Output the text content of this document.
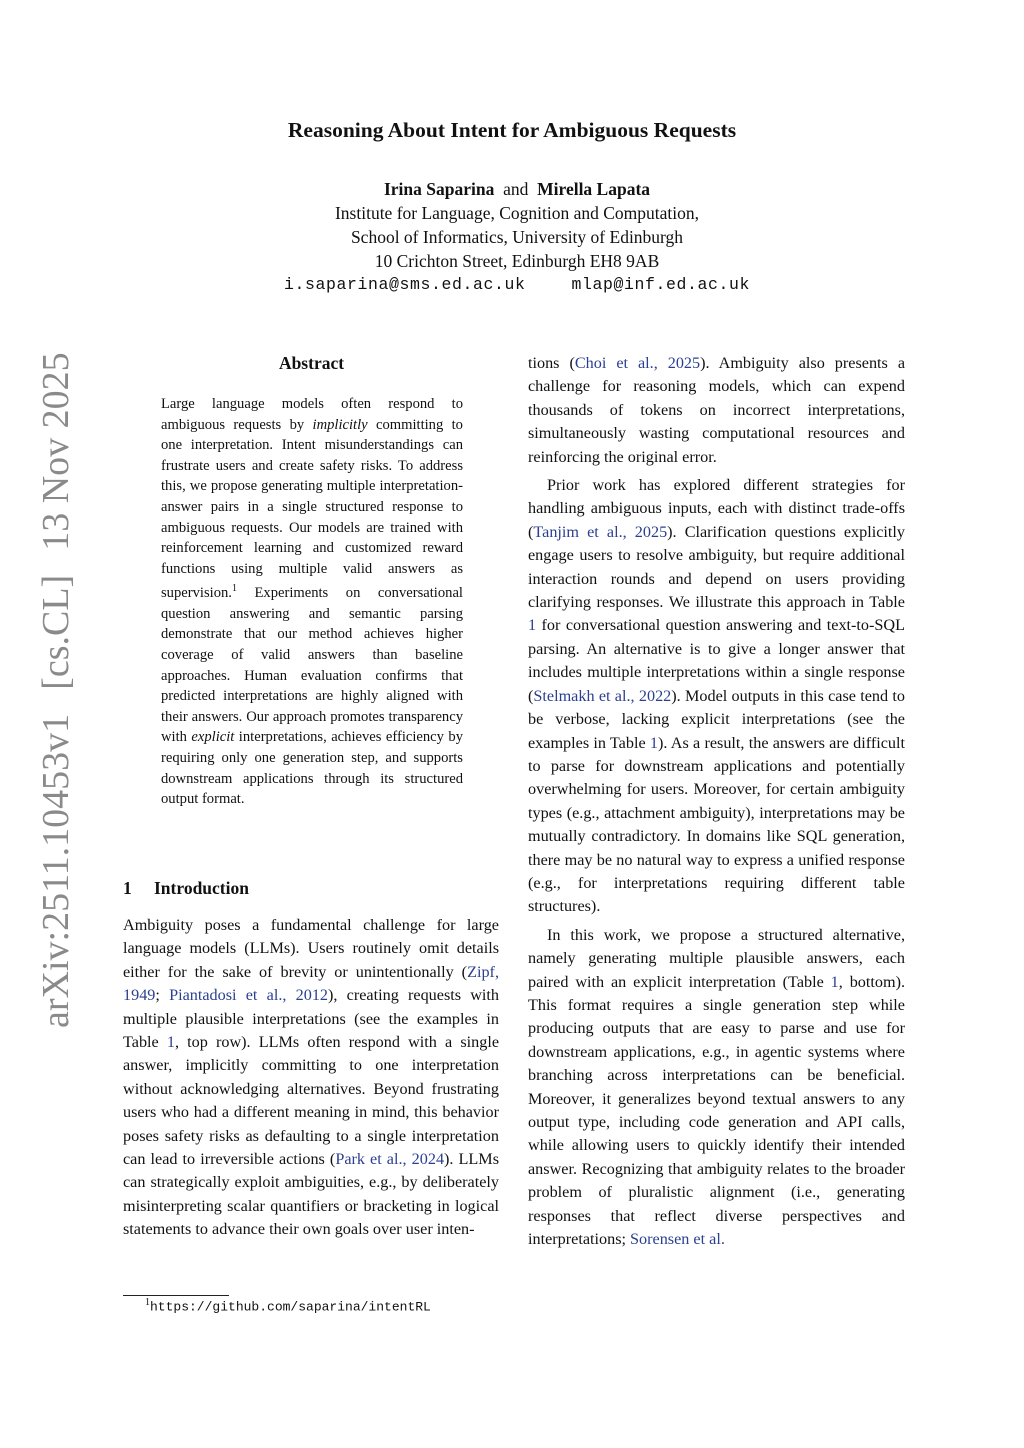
Reasoning About Intent for Ambiguous Requests
Irina Saparina and Mirella Lapata
Institute for Language, Cognition and Computation,
School of Informatics, University of Edinburgh
10 Crichton Street, Edinburgh EH8 9AB
i.saparina@sms.ed.ac.uk	mlap@inf.ed.ac.uk
arXiv:2511.10453v1[cs.CL]13 Nov 2025	Abstract
Large language models often respond to ambiguous requests by implicitly committing to one interpretation. Intent misunderstandings can frustrate users and create safety risks. To address this, we propose generating multiple interpretation-answer pairs in a single structured response to ambiguous requests. Our models are trained with reinforcement learning and customized reward functions using multiple valid answers as supervision.$^1$ Experiments on conversational question answering and semantic parsing demonstrate that our method achieves higher coverage of valid answers than baseline approaches. Human evaluation confirms that predicted interpretations are highly aligned with their answers. Our approach promotes transparency with explicit interpretations, achieves efficiency by requiring only one generation step, and supports downstream applications through its structured output format.
1 Introduction

Ambiguity poses a fundamental challenge for large language models (LLMs). Users routinely omit details either for the sake of brevity or unintentionally (Zipf, 1949; Piantadosi et al., 2012), creating requests with multiple plausible interpretations (see the examples in Table 1, top row). LLMs often respond with a single answer, implicitly committing to one interpretation without acknowledging alternatives. Beyond frustrating users who had a different meaning in mind, this behavior poses safety risks as defaulting to a single interpretation can lead to irreversible actions (Park et al., 2024). LLMs can strategically exploit ambiguities, e.g., by deliberately misinterpreting scalar quantifiers or bracketing in logical statements to advance their own goals over user inten-

tions (Choi et al., 2025). Ambiguity also presents a challenge for reasoning models, which can expend thousands of tokens on incorrect interpretations, simultaneously wasting computational resources and reinforcing the original error.

Prior work has explored different strategies for handling ambiguous inputs, each with distinct trade-offs (Tanjim et al., 2025). Clarification questions explicitly engage users to resolve ambiguity, but require additional interaction rounds and depend on users providing clarifying responses. We illustrate this approach in Table 1 for conversational question answering and text-to-SQL parsing. An alternative is to give a longer answer that includes multiple interpretations within a single response (Stelmakh et al., 2022). Model outputs in this case tend to be verbose, lacking explicit interpretations (see the examples in Table 1). As a result, the answers are difficult to parse for downstream applications and potentially overwhelming for users. Moreover, for certain ambiguity types (e.g., attachment ambiguity), interpretations may be mutually contradictory. In domains like SQL generation, there may be no natural way to express a unified response (e.g., for interpretations requiring different table structures).

In this work, we propose a structured alternative, namely generating multiple plausible answers, each paired with an explicit interpretation (Table 1, bottom). This format requires a single generation step while producing outputs that are easy to parse and use for downstream applications, e.g., in agentic systems where branching across interpretations can be beneficial. Moreover, it generalizes beyond textual answers to any output type, including code generation and API calls, while allowing users to quickly identify their intended answer. Recognizing that ambiguity relates to the broader problem of pluralistic alignment (i.e., generating responses that reflect diverse perspectives and interpretations; Sorensen et al.

$^1$https://github.com/saparina/intentRL
